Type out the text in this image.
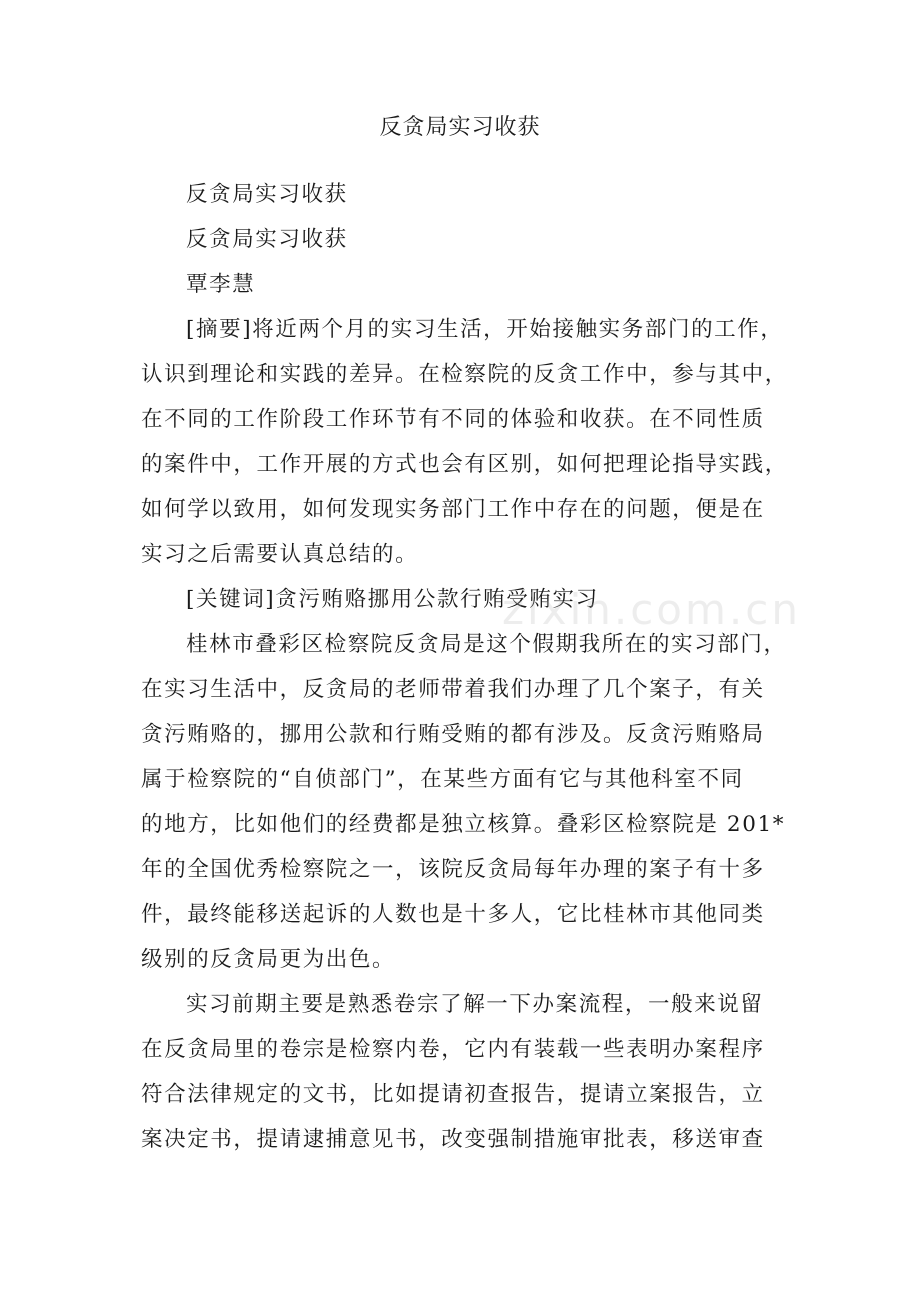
反贪局实习收获
反贪局实习收获
反贪局实习收获
覃李慧
[摘要]将近两个月的实习生活，开始接触实务部门的工作，
认识到理论和实践的差异。在检察院的反贪工作中，参与其中，
在不同的工作阶段工作环节有不同的体验和收获。在不同性质
的案件中，工作开展的方式也会有区别，如何把理论指导实践，
如何学以致用，如何发现实务部门工作中存在的问题，便是在
实习之后需要认真总结的。
[关键词]贪污贿赂挪用公款行贿受贿实习
桂林市叠彩区检察院反贪局是这个假期我所在的实习部门，
在实习生活中，反贪局的老师带着我们办理了几个案子，有关
贪污贿赂的，挪用公款和行贿受贿的都有涉及。反贪污贿赂局
属于检察院的“自侦部门”，在某些方面有它与其他科室不同
的地方，比如他们的经费都是独立核算。叠彩区检察院是 201*
年的全国优秀检察院之一，该院反贪局每年办理的案子有十多
件，最终能移送起诉的人数也是十多人，它比桂林市其他同类
级别的反贪局更为出色。
实习前期主要是熟悉卷宗了解一下办案流程，一般来说留
在反贪局里的卷宗是检察内卷，它内有装载一些表明办案程序
符合法律规定的文书，比如提请初查报告，提请立案报告，立
案决定书，提请逮捕意见书，改变强制措施审批表，移送审查
zixin.com.cn
